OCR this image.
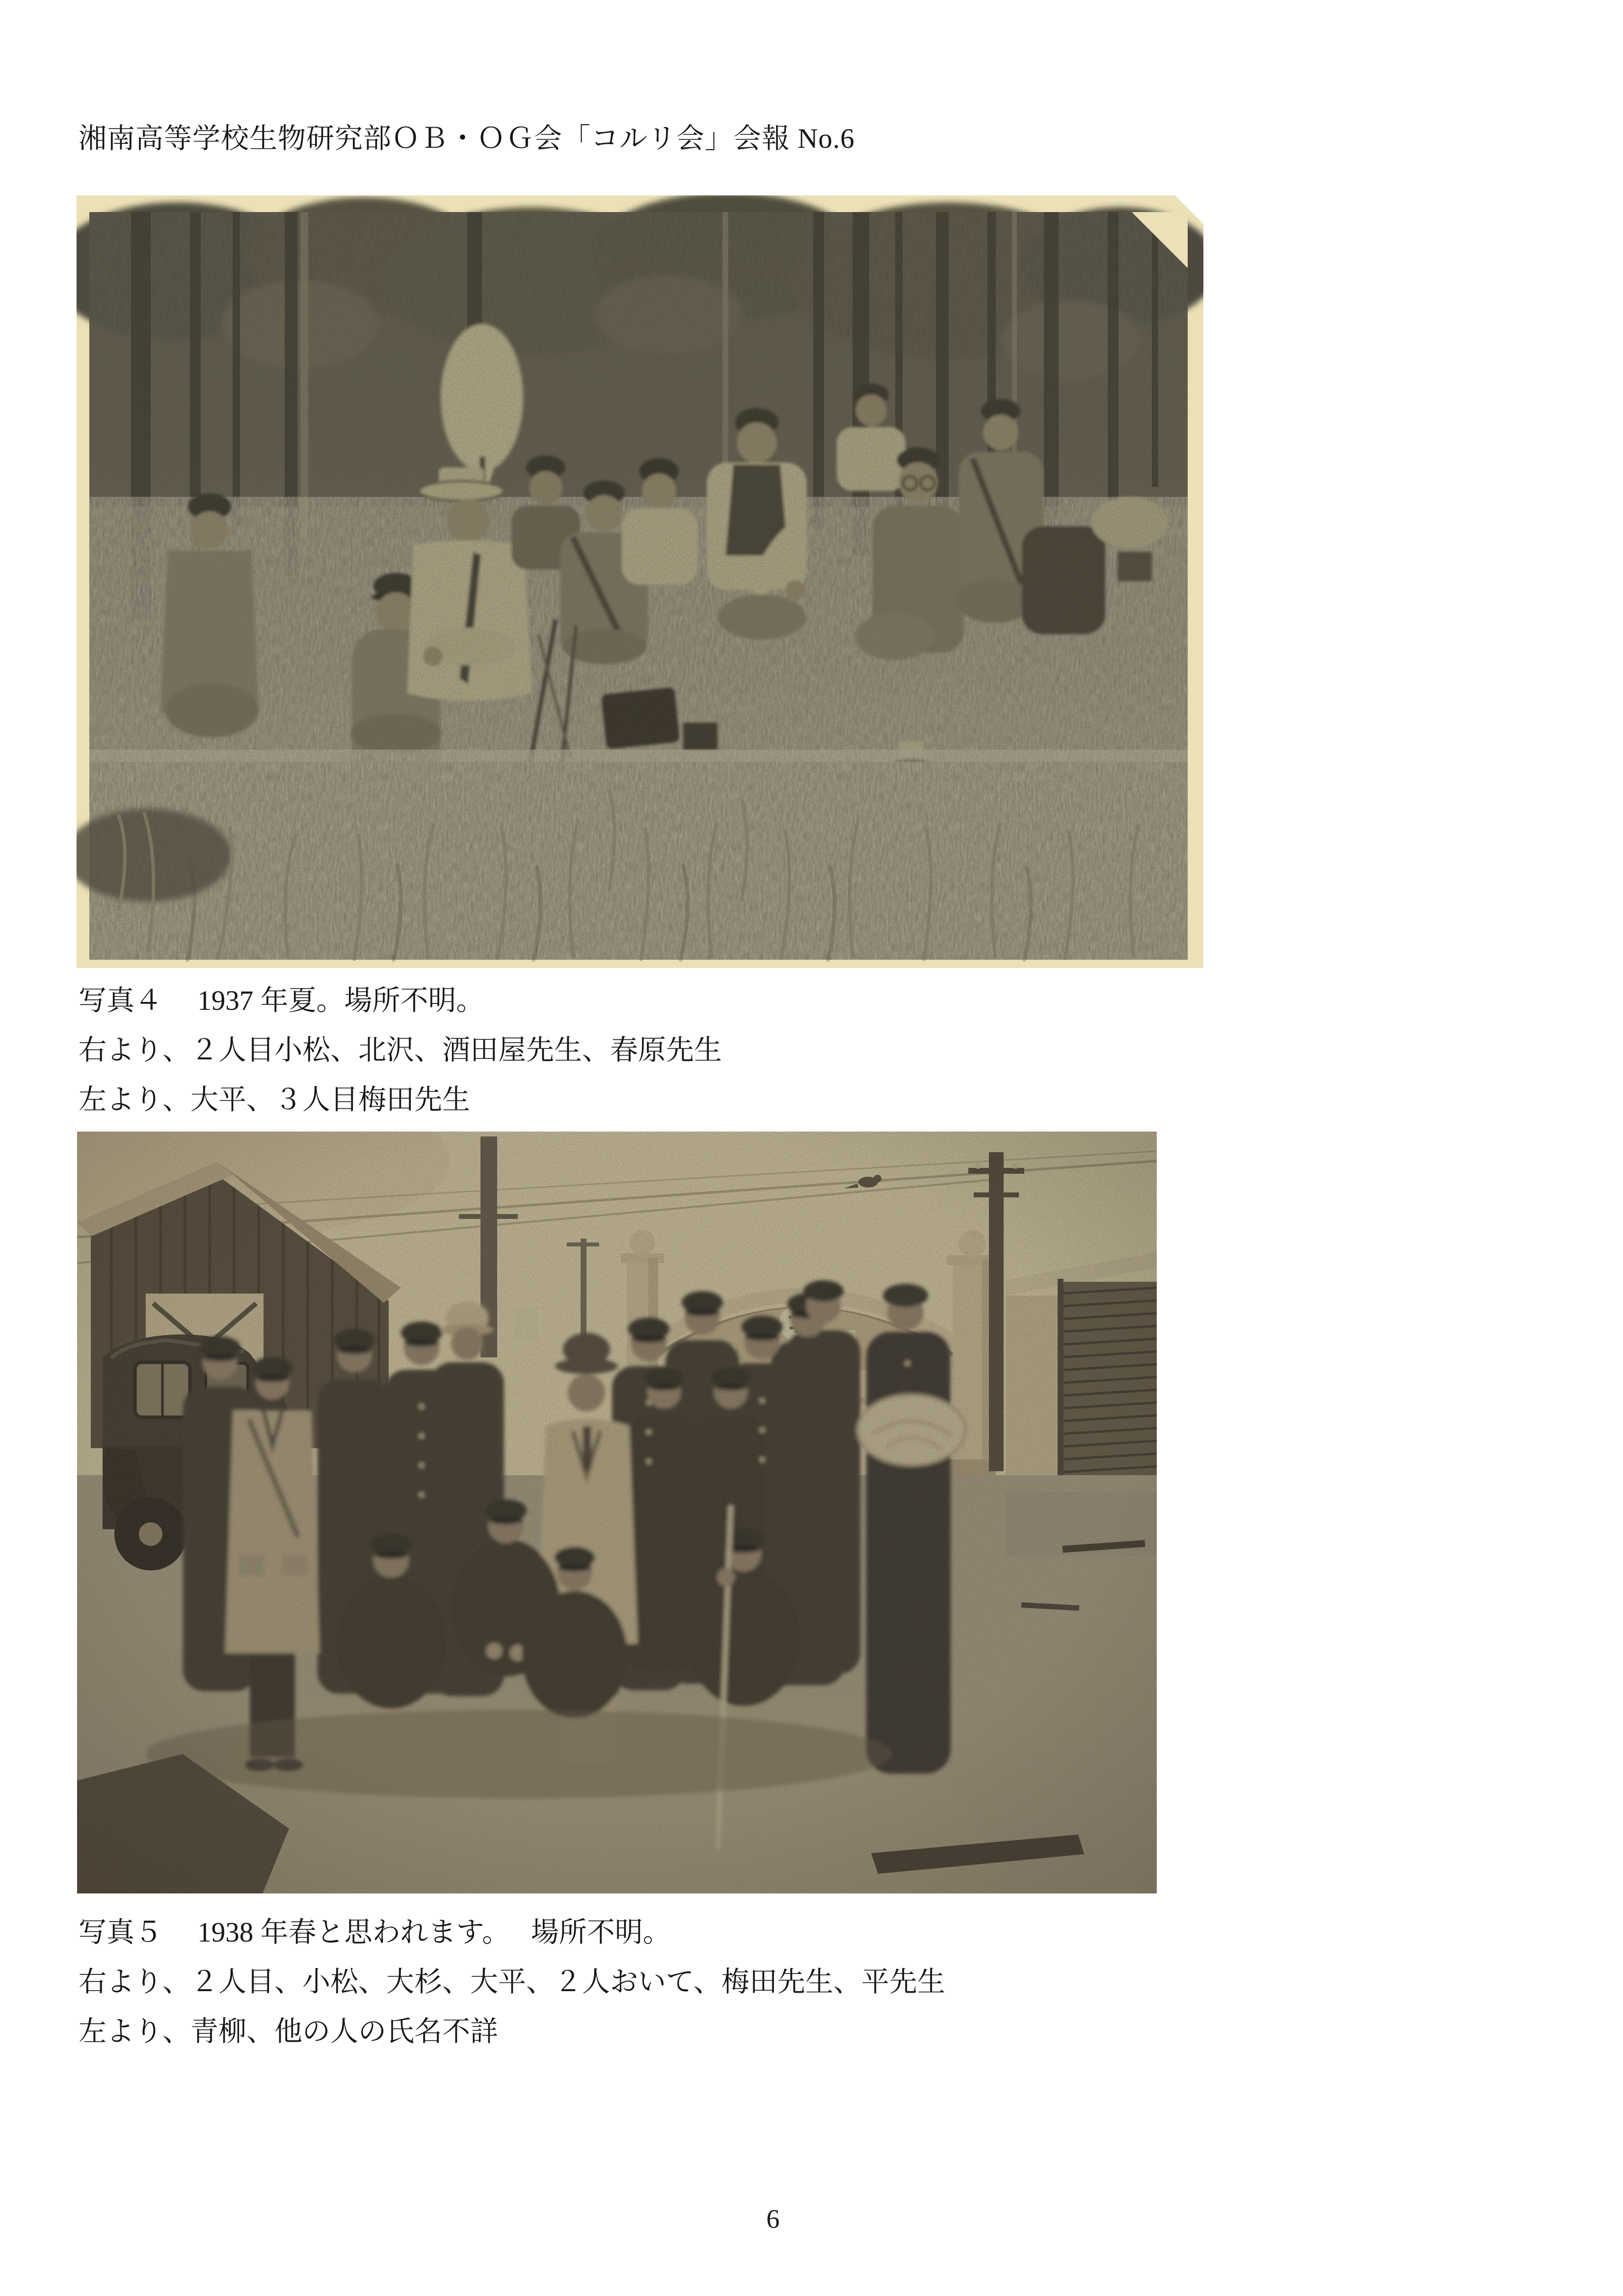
湘南高等学校生物研究部ＯＢ・ＯＧ会「コルリ会」会報 No.6
写真４　 1937 年夏。場所不明。
右より、２人目小松、北沢、酒田屋先生、春原先生
左より、大平、３人目梅田先生
写真５　 1938 年春と思われます。　 場所不明。
右より、２人目、小松、大杉、大平、２人おいて、梅田先生、平先生
左より、青柳、他の人の氏名不詳
6
